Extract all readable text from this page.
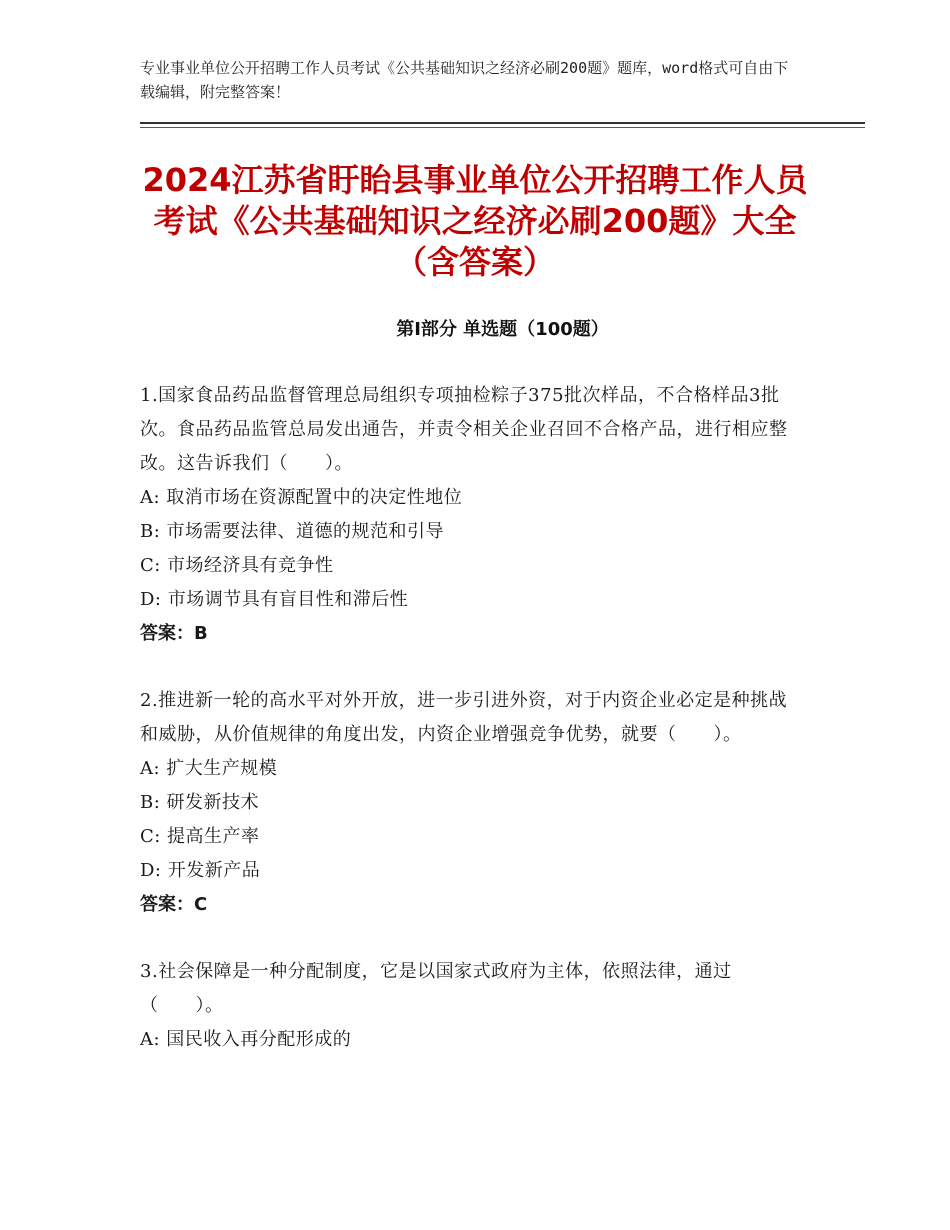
专业事业单位公开招聘工作人员考试《公共基础知识之经济必刷200题》题库，word格式可自由下载编辑，附完整答案！
2024江苏省盱眙县事业单位公开招聘工作人员考试《公共基础知识之经济必刷200题》大全（含答案）
第Ⅰ部分 单选题（100题）

1.国家食品药品监督管理总局组织专项抽检粽子375批次样品，不合格样品3批次。食品药品监管总局发出通告，并责令相关企业召回不合格产品，进行相应整改。这告诉我们（　　）。

A: 取消市场在资源配置中的决定性地位

B: 市场需要法律、道德的规范和引导

C: 市场经济具有竞争性

D: 市场调节具有盲目性和滞后性

答案：B

2.推进新一轮的高水平对外开放，进一步引进外资，对于内资企业必定是种挑战和威胁，从价值规律的角度出发，内资企业增强竞争优势，就要（　　）。

A: 扩大生产规模

B: 研发新技术

C: 提高生产率

D: 开发新产品

答案：C

3.社会保障是一种分配制度，它是以国家式政府为主体，依照法律，通过（　　）。

A: 国民收入再分配形成的
